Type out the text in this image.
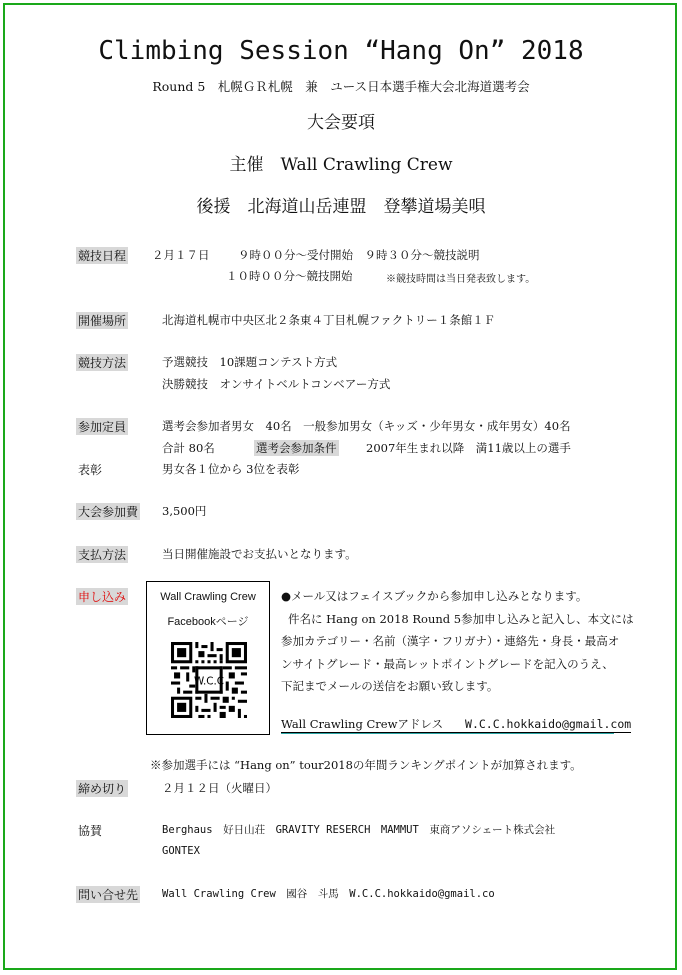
Climbing Session “Hang On” 2018
Round 5　札幌ＧＲ札幌　兼　ユース日本選手権大会北海道選考会
大会要項
主催　Wall Crawling Crew
後援　北海道山岳連盟　登攀道場美唄
競技日程 ２月１７日 ９時００分～受付開始　９時３０分～競技説明
１０時００分～競技開始	※競技時間は当日発表致します。
開催場所	北海道札幌市中央区北２条東４丁目札幌ファクトリー１条館１Ｆ
競技方法	予選競技　10課題コンテスト方式
決勝競技　オンサイトベルトコンベアー方式
参加定員	選考会参加者男女　40名　一般参加男女（キッズ・少年男女・成年男女）40名
合計 80名	選考会参加条件	2007年生まれ以降　満11歳以上の選手
表彰	男女各１位から 3位を表彰
大会参加費 3,500円
支払方法	当日開催施設でお支払いとなります。
申し込み	Wall Crawling Crew
Facebookページ
W.C.C
●メール又はフェイスブックから参加申し込みとなります。
件名に Hang on 2018 Round 5参加申し込みと記入し、本文には
参加カテゴリー・名前（漢字・フリガナ）・連絡先・身長・最高オ
ンサイトグレード・最高レットポイントグレードを記入のうえ、
下記までメールの送信をお願い致します。
Wall Crawling Crewアドレス W.C.C.hokkaido@gmail.com
※参加選手には “Hang on” tour2018の年間ランキングポイントが加算されます。
締め切り	２月１２日（火曜日）
協賛	Berghaus　好日山荘　GRAVITY RESERCH　MAMMUT　東商アソシェート株式会社
GONTEX
問い合せ先 Wall Crawling Crew　國谷　斗馬　W.C.C.hokkaido@gmail.co
